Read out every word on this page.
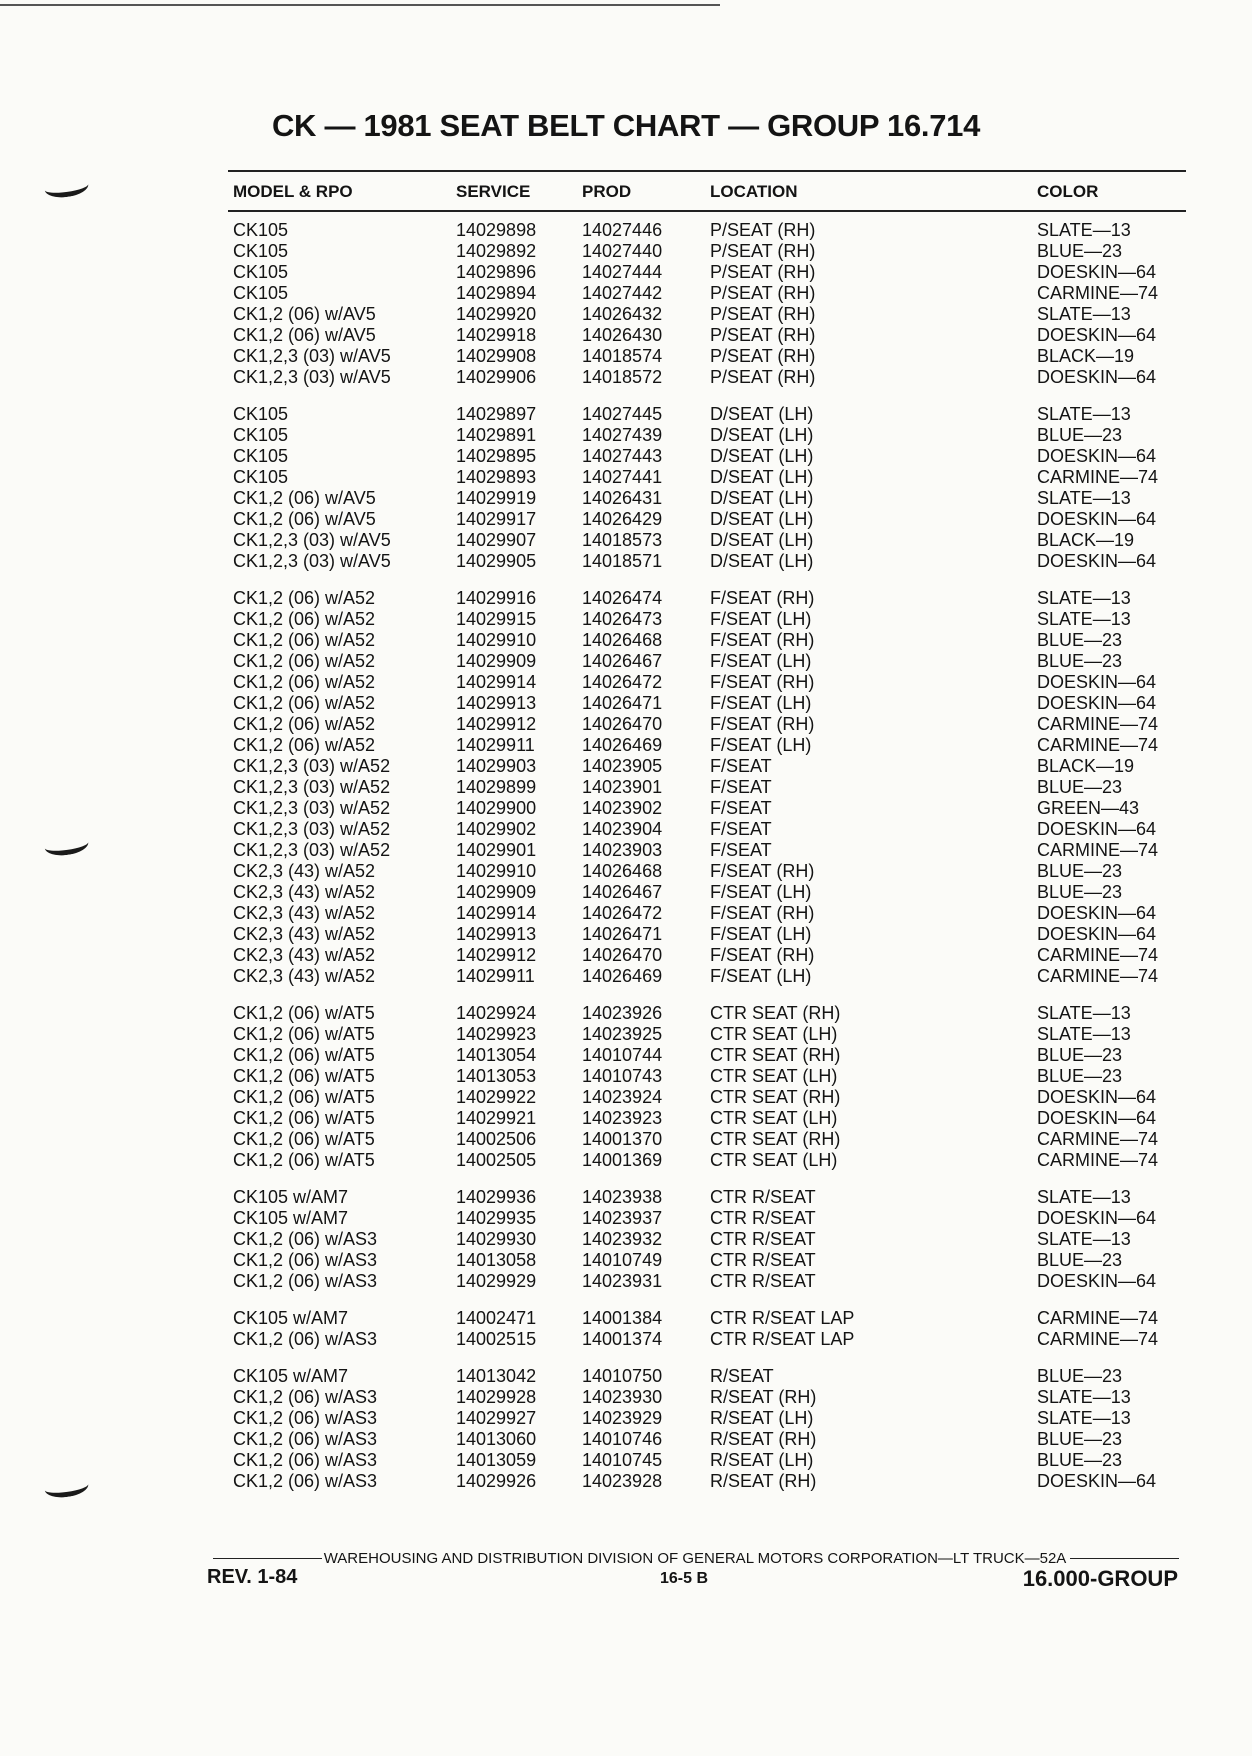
CK — 1981 SEAT BELT CHART — GROUP 16.714
MODEL & RPO	SERVICE	PROD	LOCATION	COLOR
CK105	14029898	14027446	P/SEAT (RH)	SLATE—13
CK105	14029892	14027440	P/SEAT (RH)	BLUE—23
CK105	14029896	14027444	P/SEAT (RH)	DOESKIN—64
CK105	14029894	14027442	P/SEAT (RH)	CARMINE—74
CK1,2 (06) w/AV5	14029920	14026432	P/SEAT (RH)	SLATE—13
CK1,2 (06) w/AV5	14029918	14026430	P/SEAT (RH)	DOESKIN—64
CK1,2,3 (03) w/AV5	14029908	14018574	P/SEAT (RH)	BLACK—19
CK1,2,3 (03) w/AV5	14029906	14018572	P/SEAT (RH)	DOESKIN—64
CK105	14029897	14027445	D/SEAT (LH)	SLATE—13
CK105	14029891	14027439	D/SEAT (LH)	BLUE—23
CK105	14029895	14027443	D/SEAT (LH)	DOESKIN—64
CK105	14029893	14027441	D/SEAT (LH)	CARMINE—74
CK1,2 (06) w/AV5	14029919	14026431	D/SEAT (LH)	SLATE—13
CK1,2 (06) w/AV5	14029917	14026429	D/SEAT (LH)	DOESKIN—64
CK1,2,3 (03) w/AV5	14029907	14018573	D/SEAT (LH)	BLACK—19
CK1,2,3 (03) w/AV5	14029905	14018571	D/SEAT (LH)	DOESKIN—64
CK1,2 (06) w/A52	14029916	14026474	F/SEAT (RH)	SLATE—13
CK1,2 (06) w/A52	14029915	14026473	F/SEAT (LH)	SLATE—13
CK1,2 (06) w/A52	14029910	14026468	F/SEAT (RH)	BLUE—23
CK1,2 (06) w/A52	14029909	14026467	F/SEAT (LH)	BLUE—23
CK1,2 (06) w/A52	14029914	14026472	F/SEAT (RH)	DOESKIN—64
CK1,2 (06) w/A52	14029913	14026471	F/SEAT (LH)	DOESKIN—64
CK1,2 (06) w/A52	14029912	14026470	F/SEAT (RH)	CARMINE—74
CK1,2 (06) w/A52	14029911	14026469	F/SEAT (LH)	CARMINE—74
CK1,2,3 (03) w/A52	14029903	14023905	F/SEAT	BLACK—19
CK1,2,3 (03) w/A52	14029899	14023901	F/SEAT	BLUE—23
CK1,2,3 (03) w/A52	14029900	14023902	F/SEAT	GREEN—43
CK1,2,3 (03) w/A52	14029902	14023904	F/SEAT	DOESKIN—64
CK1,2,3 (03) w/A52	14029901	14023903	F/SEAT	CARMINE—74
CK2,3 (43) w/A52	14029910	14026468	F/SEAT (RH)	BLUE—23
CK2,3 (43) w/A52	14029909	14026467	F/SEAT (LH)	BLUE—23
CK2,3 (43) w/A52	14029914	14026472	F/SEAT (RH)	DOESKIN—64
CK2,3 (43) w/A52	14029913	14026471	F/SEAT (LH)	DOESKIN—64
CK2,3 (43) w/A52	14029912	14026470	F/SEAT (RH)	CARMINE—74
CK2,3 (43) w/A52	14029911	14026469	F/SEAT (LH)	CARMINE—74
CK1,2 (06) w/AT5	14029924	14023926	CTR SEAT (RH)	SLATE—13
CK1,2 (06) w/AT5	14029923	14023925	CTR SEAT (LH)	SLATE—13
CK1,2 (06) w/AT5	14013054	14010744	CTR SEAT (RH)	BLUE—23
CK1,2 (06) w/AT5	14013053	14010743	CTR SEAT (LH)	BLUE—23
CK1,2 (06) w/AT5	14029922	14023924	CTR SEAT (RH)	DOESKIN—64
CK1,2 (06) w/AT5	14029921	14023923	CTR SEAT (LH)	DOESKIN—64
CK1,2 (06) w/AT5	14002506	14001370	CTR SEAT (RH)	CARMINE—74
CK1,2 (06) w/AT5	14002505	14001369	CTR SEAT (LH)	CARMINE—74
CK105 w/AM7	14029936	14023938	CTR R/SEAT	SLATE—13
CK105 w/AM7	14029935	14023937	CTR R/SEAT	DOESKIN—64
CK1,2 (06) w/AS3	14029930	14023932	CTR R/SEAT	SLATE—13
CK1,2 (06) w/AS3	14013058	14010749	CTR R/SEAT	BLUE—23
CK1,2 (06) w/AS3	14029929	14023931	CTR R/SEAT	DOESKIN—64
CK105 w/AM7	14002471	14001384	CTR R/SEAT LAP	CARMINE—74
CK1,2 (06) w/AS3	14002515	14001374	CTR R/SEAT LAP	CARMINE—74
CK105 w/AM7	14013042	14010750	R/SEAT	BLUE—23
CK1,2 (06) w/AS3	14029928	14023930	R/SEAT (RH)	SLATE—13
CK1,2 (06) w/AS3	14029927	14023929	R/SEAT (LH)	SLATE—13
CK1,2 (06) w/AS3	14013060	14010746	R/SEAT (RH)	BLUE—23
CK1,2 (06) w/AS3	14013059	14010745	R/SEAT (LH)	BLUE—23
CK1,2 (06) w/AS3	14029926	14023928	R/SEAT (RH)	DOESKIN—64
WAREHOUSING AND DISTRIBUTION DIVISION OF GENERAL MOTORS CORPORATION—LT TRUCK—52A
REV. 1-84	16-5 B	16.000-GROUP
